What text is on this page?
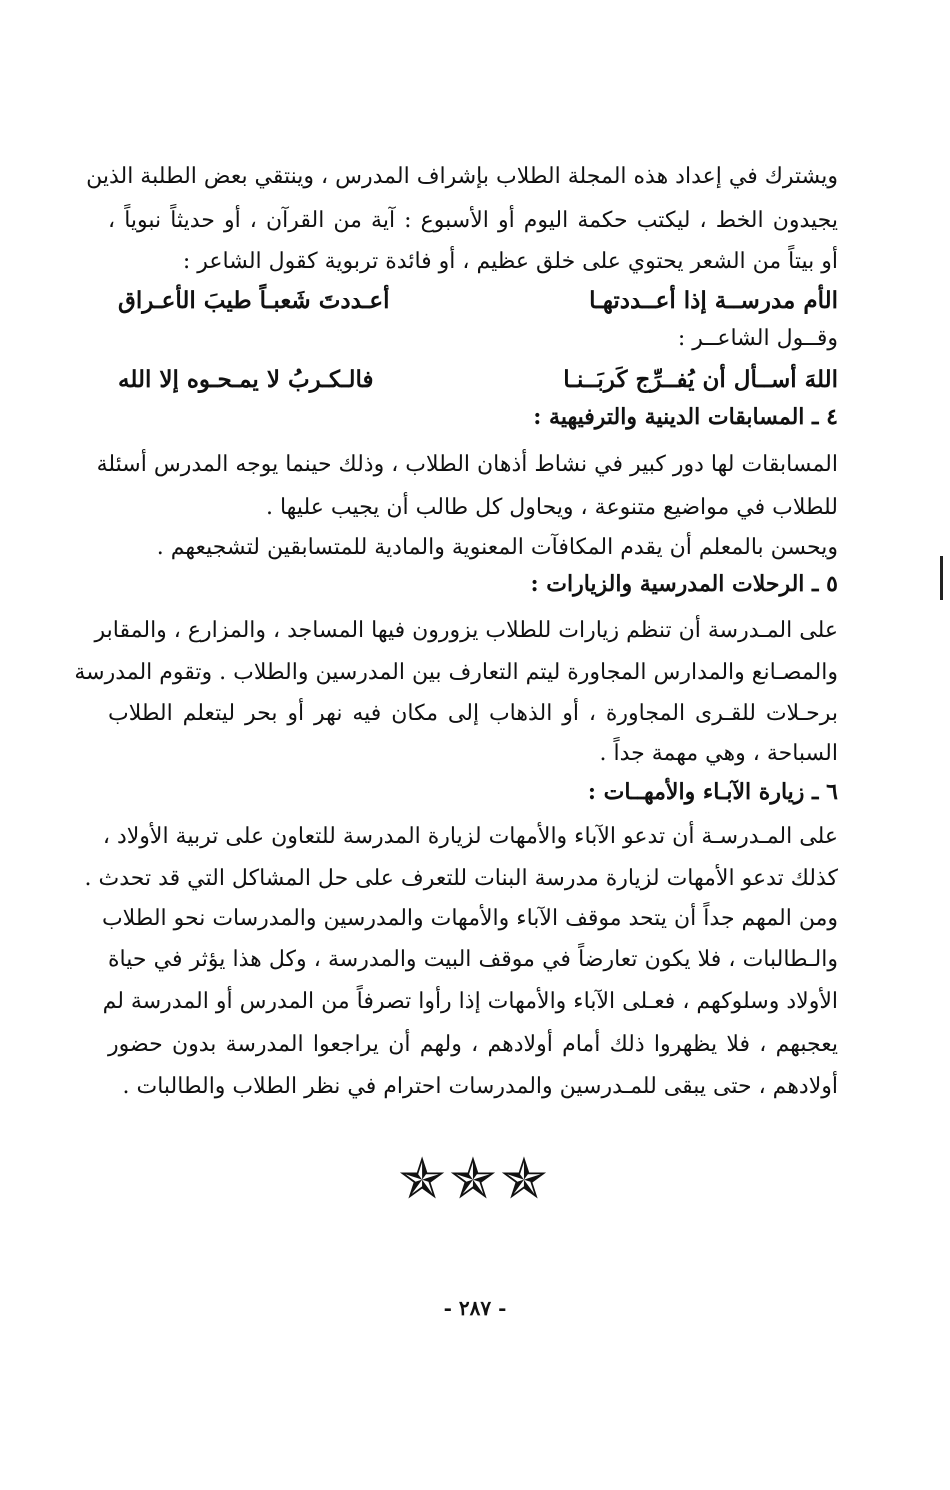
ويشترك في إعداد هذه المجلة الطلاب بإشراف المدرس ، وينتقي بعض الطلبة الذين
يجيدون الخط ، ليكتب حكمة اليوم أو الأسبوع : آية من القرآن ، أو حديثاً نبوياً ،
أو بيتاً من الشعر يحتوي على خلق عظيم ، أو فائدة تربوية كقول الشاعر :
الأم مدرســة إذا أعــددتهـا
أعـددتَ شَعبـاً طيبَ الأعـراق
وقــول الشاعــر :
اللهَ أســأل أن يُفــرِّج كَربَــنـا
فالـكـربُ لا يمـحـوه إلا الله
٤ ـ المسابقات الدينية والترفيهية :
المسابقات لها دور كبير في نشاط أذهان الطلاب ، وذلك حينما يوجه المدرس أسئلة
للطلاب في مواضيع متنوعة ، ويحاول كل طالب أن يجيب عليها .
ويحسن بالمعلم أن يقدم المكافآت المعنوية والمادية للمتسابقين لتشجيعهم .
٥ ـ الرحلات المدرسية والزيارات :
على المـدرسة أن تنظم زيارات للطلاب يزورون فيها المساجد ، والمزارع ، والمقابر
والمصـانع والمدارس المجاورة ليتم التعارف بين المدرسين والطلاب . وتقوم المدرسة
برحـلات للقـرى المجاورة ، أو الذهاب إلى مكان فيه نهر أو بحر ليتعلم الطلاب
السباحة ، وهي مهمة جداً .
٦ ـ زيارة الآبـاء والأمهــات :
على المـدرسـة أن تدعو الآباء والأمهات لزيارة المدرسة للتعاون على تربية الأولاد ،
كذلك تدعو الأمهات لزيارة مدرسة البنات للتعرف على حل المشاكل التي قد تحدث .
ومن المهم جداً أن يتحد موقف الآباء والأمهات والمدرسين والمدرسات نحو الطلاب
والـطالبات ، فلا يكون تعارضاً في موقف البيت والمدرسة ، وكل هذا يؤثر في حياة
الأولاد وسلوكهم ، فعـلى الآباء والأمهات إذا رأوا تصرفاً من المدرس أو المدرسة لم
يعجبهم ، فلا يظهروا ذلك أمام أولادهم ، ولهم أن يراجعوا المدرسة بدون حضور
أولادهم ، حتى يبقى للمـدرسين والمدرسات احترام في نظر الطلاب والطالبات .
✯✯✯
- ٢٨٧ -
